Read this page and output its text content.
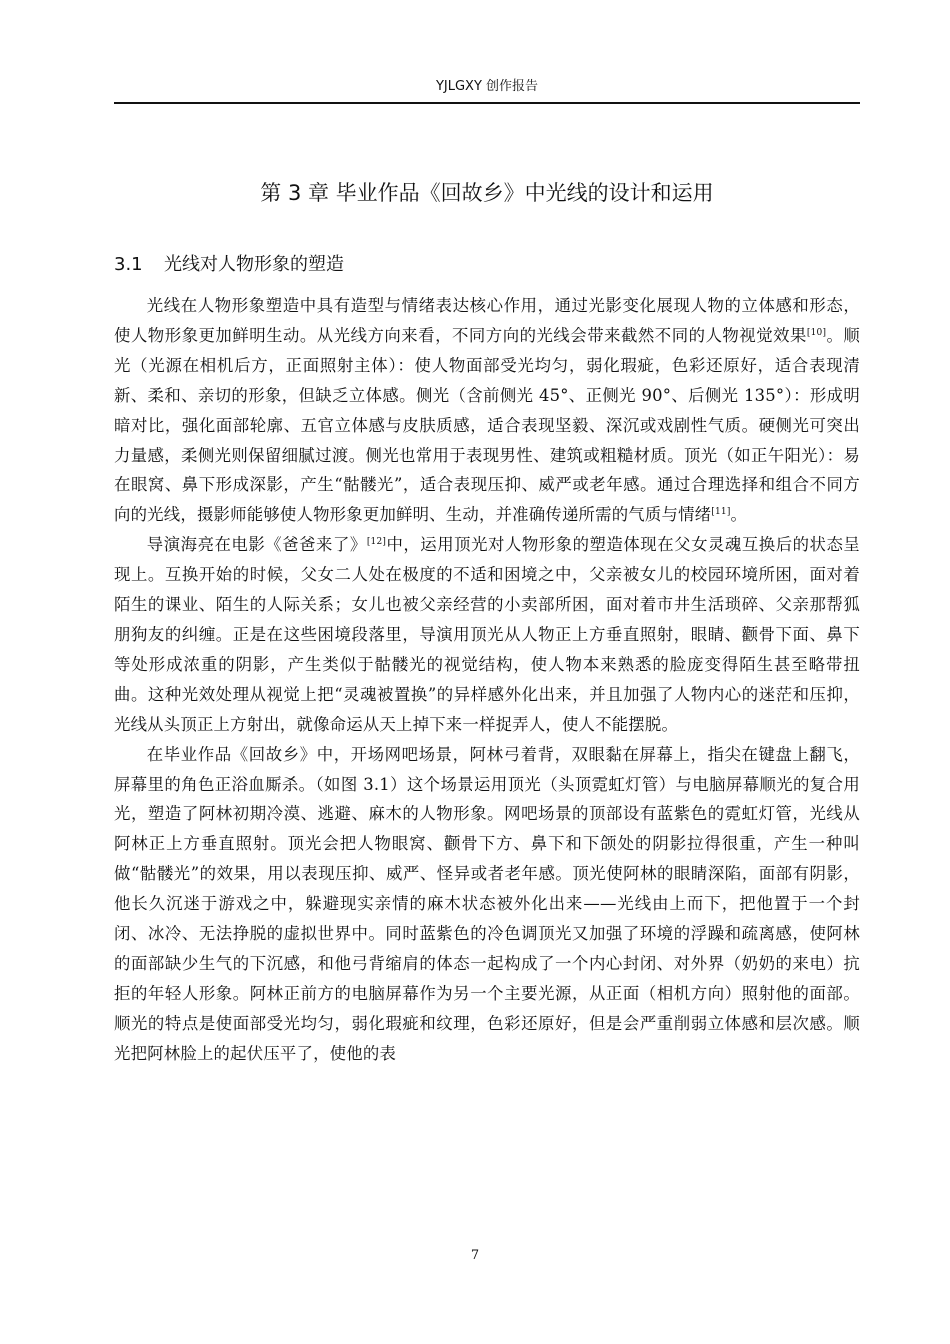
YJLGXY 创作报告
第 3 章 毕业作品《回故乡》中光线的设计和运用
3.1 光线对人物形象的塑造

光线在人物形象塑造中具有造型与情绪表达核心作用，通过光影变化展现人物的立体感和形态，使人物形象更加鲜明生动。从光线方向来看，不同方向的光线会带来截然不同的人物视觉效果[10]。顺光（光源在相机后方，正面照射主体）：使人物面部受光均匀，弱化瑕疵，色彩还原好，适合表现清新、柔和、亲切的形象，但缺乏立体感。侧光（含前侧光 45°、正侧光 90°、后侧光 135°）：形成明暗对比，强化面部轮廓、五官立体感与皮肤质感，适合表现坚毅、深沉或戏剧性气质。硬侧光可突出力量感，柔侧光则保留细腻过渡。侧光也常用于表现男性、建筑或粗糙材质。顶光（如正午阳光）：易在眼窝、鼻下形成深影，产生“骷髅光”，适合表现压抑、威严或老年感。通过合理选择和组合不同方向的光线，摄影师能够使人物形象更加鲜明、生动，并准确传递所需的气质与情绪[11]。

导演海亮在电影《爸爸来了》[12]中，运用顶光对人物形象的塑造体现在父女灵魂互换后的状态呈现上。互换开始的时候，父女二人处在极度的不适和困境之中，父亲被女儿的校园环境所困，面对着陌生的课业、陌生的人际关系；女儿也被父亲经营的小卖部所困，面对着市井生活琐碎、父亲那帮狐朋狗友的纠缠。正是在这些困境段落里，导演用顶光从人物正上方垂直照射，眼睛、颧骨下面、鼻下等处形成浓重的阴影，产生类似于骷髅光的视觉结构，使人物本来熟悉的脸庞变得陌生甚至略带扭曲。这种光效处理从视觉上把“灵魂被置换”的异样感外化出来，并且加强了人物内心的迷茫和压抑，光线从头顶正上方射出，就像命运从天上掉下来一样捉弄人，使人不能摆脱。

在毕业作品《回故乡》中，开场网吧场景，阿林弓着背，双眼黏在屏幕上，指尖在键盘上翻飞，屏幕里的角色正浴血厮杀。（如图 3.1）这个场景运用顶光（头顶霓虹灯管）与电脑屏幕顺光的复合用光，塑造了阿林初期冷漠、逃避、麻木的人物形象。网吧场景的顶部设有蓝紫色的霓虹灯管，光线从阿林正上方垂直照射。顶光会把人物眼窝、颧骨下方、鼻下和下颌处的阴影拉得很重，产生一种叫做“骷髅光”的效果，用以表现压抑、威严、怪异或者老年感。顶光使阿林的眼睛深陷，面部有阴影，他长久沉迷于游戏之中，躲避现实亲情的麻木状态被外化出来——光线由上而下，把他置于一个封闭、冰冷、无法挣脱的虚拟世界中。同时蓝紫色的冷色调顶光又加强了环境的浮躁和疏离感，使阿林的面部缺少生气的下沉感，和他弓背缩肩的体态一起构成了一个内心封闭、对外界（奶奶的来电）抗拒的年轻人形象。阿林正前方的电脑屏幕作为另一个主要光源，从正面（相机方向）照射他的面部。顺光的特点是使面部受光均匀，弱化瑕疵和纹理，色彩还原好，但是会严重削弱立体感和层次感。顺光把阿林脸上的起伏压平了，使他的表

7
